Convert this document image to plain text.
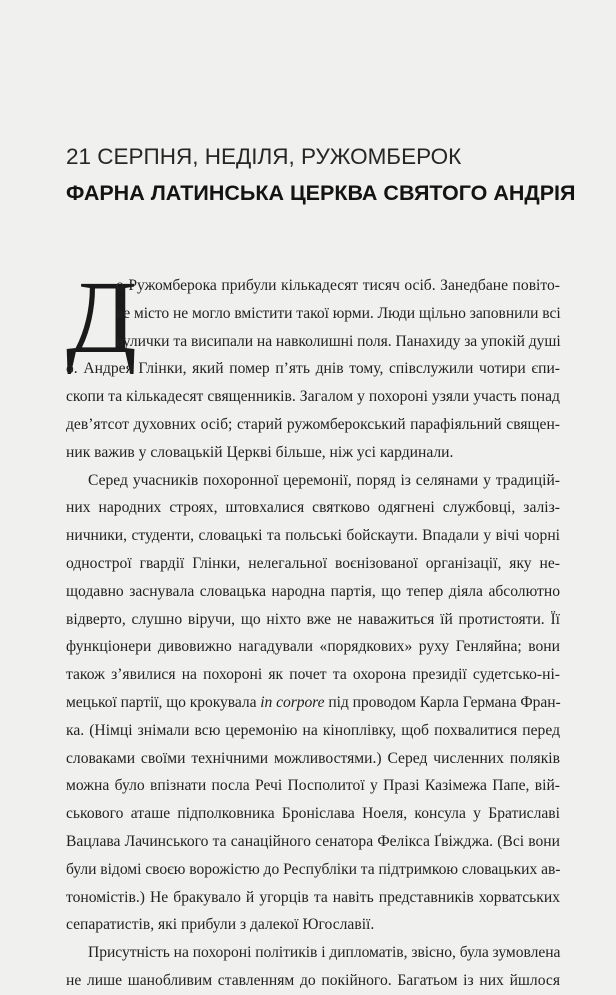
21 СЕРПНЯ, НЕДІЛЯ, РУЖОМБЕРОК
ФАРНА ЛАТИНСЬКА ЦЕРКВА СВЯТОГО АНДРІЯ
Д
о Ружомберока прибули кількадесят тисяч осіб. Занедбане повіто-
ве місто не могло вмістити такої юрми. Люди щільно заповнили всі
вулички та висипали на навколишні поля. Панахиду за упокій душі
о. Андрея Глінки, який помер п’ять днів тому, співслужили чотири єпи-
скопи та кількадесят священників. Загалом у похороні узяли участь понад
дев’ятсот духовних осіб; старий ружомберокський парафіяльний священ-
ник важив у словацькій Церкві більше, ніж усі кардинали.
Серед учасників похоронної церемонії, поряд із селянами у традицій-
них народних строях, штовхалися святково одягнені службовці, заліз-
ничники, студенти, словацькі та польські бойскаути. Впадали у вічі чорні
однострої гвардії Глінки, нелегальної воєнізованої організації, яку не-
щодавно заснувала словацька народна партія, що тепер діяла абсолютно
відверто, слушно віручи, що ніхто вже не наважиться їй протистояти. Її
функціонери дивовижно нагадували «порядкових» руху Генляйна; вони
також з’явилися на похороні як почет та охорона президії судетсько-ні-
мецької партії, що крокувала in corpore під проводом Карла Германа Фран-
ка. (Німці знімали всю церемонію на кіноплівку, щоб похвалитися перед
словаками своїми технічними можливостями.) Серед численних поляків
можна було впізнати посла Речі Посполитої у Празі Казімежа Папе, вій-
ськового аташе підполковника Броніслава Ноеля, консула у Братиславі
Вацлава Лачинського та санаційного сенатора Фелікса Ґвіжджа. (Всі вони
були відомі своєю ворожістю до Республіки та підтримкою словацьких ав-
тономістів.) Не бракувало й угорців та навіть представників хорватських
сепаратистів, які прибули з далекої Югославії.
Присутність на похороні політиків і дипломатів, звісно, була зумовлена
не лише шанобливим ставленням до покійного. Багатьом із них йшлося
